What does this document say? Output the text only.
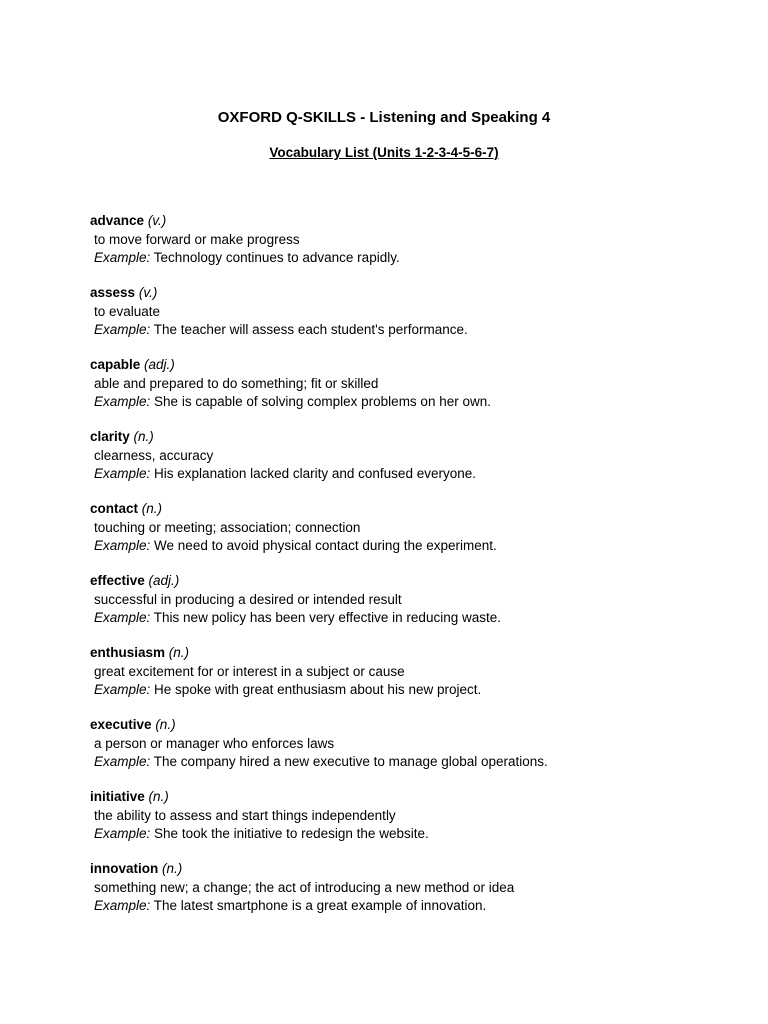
OXFORD Q-SKILLS - Listening and Speaking 4
Vocabulary List (Units 1-2-3-4-5-6-7)
advance (v.)
to move forward or make progress
Example: Technology continues to advance rapidly.
assess (v.)
to evaluate
Example: The teacher will assess each student's performance.
capable (adj.)
able and prepared to do something; fit or skilled
Example: She is capable of solving complex problems on her own.
clarity (n.)
clearness, accuracy
Example: His explanation lacked clarity and confused everyone.
contact (n.)
touching or meeting; association; connection
Example: We need to avoid physical contact during the experiment.
effective (adj.)
successful in producing a desired or intended result
Example: This new policy has been very effective in reducing waste.
enthusiasm (n.)
great excitement for or interest in a subject or cause
Example: He spoke with great enthusiasm about his new project.
executive (n.)
a person or manager who enforces laws
Example: The company hired a new executive to manage global operations.
initiative (n.)
the ability to assess and start things independently
Example: She took the initiative to redesign the website.
innovation (n.)
something new; a change; the act of introducing a new method or idea
Example: The latest smartphone is a great example of innovation.
